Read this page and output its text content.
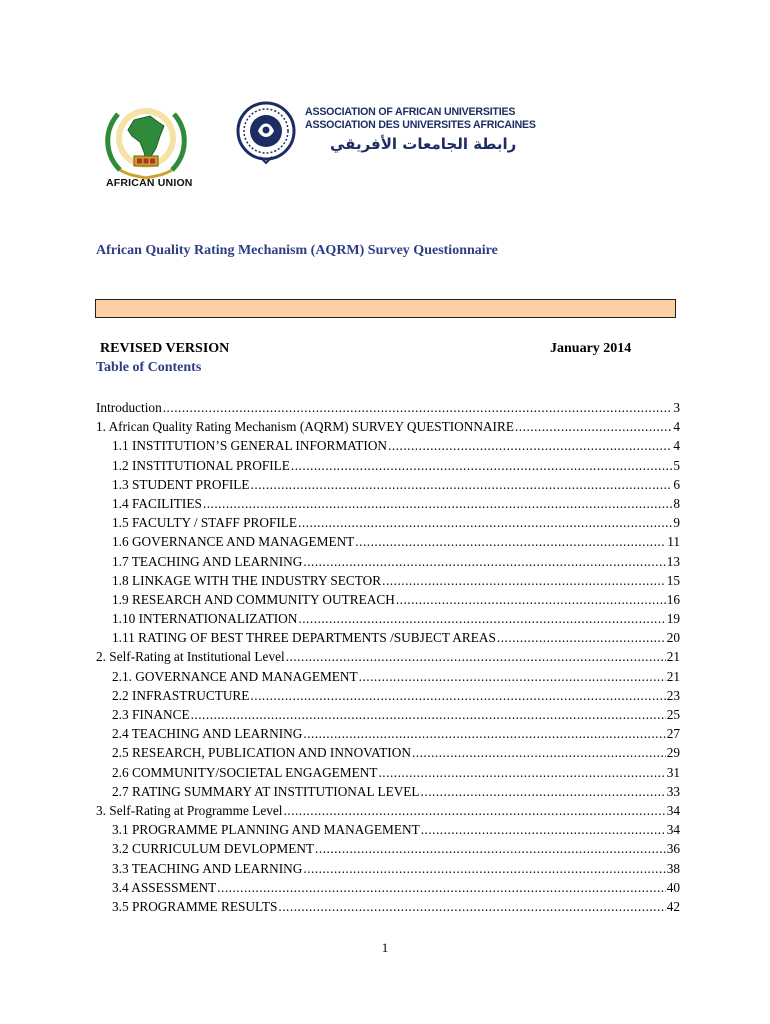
AFRICAN UNION
ASSOCIATION OF AFRICAN UNIVERSITIES
ASSOCIATION DES UNIVERSITES AFRICAINES
رابطة الجامعات الأفريقي
African Quality Rating Mechanism (AQRM) Survey Questionnaire
REVISED VERSION	January 2014
Table of Contents
Introduction .....	3
1. African Quality Rating Mechanism (AQRM) SURVEY QUESTIONNAIRE .....	4
1.1 INSTITUTION’S GENERAL INFORMATION .....	4
1.2 INSTITUTIONAL PROFILE .....	5
1.3 STUDENT PROFILE .....	6
1.4 FACILITIES .....	8
1.5 FACULTY / STAFF PROFILE .....	9
1.6 GOVERNANCE AND MANAGEMENT .....	11
1.7 TEACHING AND LEARNING .....	13
1.8 LINKAGE WITH THE INDUSTRY SECTOR .....	15
1.9 RESEARCH AND COMMUNITY OUTREACH .....	16
1.10 INTERNATIONALIZATION .....	19
1.11 RATING OF BEST THREE DEPARTMENTS /SUBJECT AREAS .....	20
2. Self-Rating at Institutional Level .....	21
2.1. GOVERNANCE AND MANAGEMENT .....	21
2.2 INFRASTRUCTURE .....	23
2.3 FINANCE .....	25
2.4 TEACHING AND LEARNING .....	27
2.5 RESEARCH, PUBLICATION AND INNOVATION .....	29
2.6 COMMUNITY/SOCIETAL ENGAGEMENT .....	31
2.7 RATING SUMMARY AT INSTITUTIONAL LEVEL .....	33
3. Self-Rating at Programme Level .....	34
3.1 PROGRAMME PLANNING AND MANAGEMENT .....	34
3.2 CURRICULUM DEVLOPMENT .....	36
3.3 TEACHING AND LEARNING .....	38
3.4 ASSESSMENT .....	40
3.5 PROGRAMME RESULTS .....	42
1
